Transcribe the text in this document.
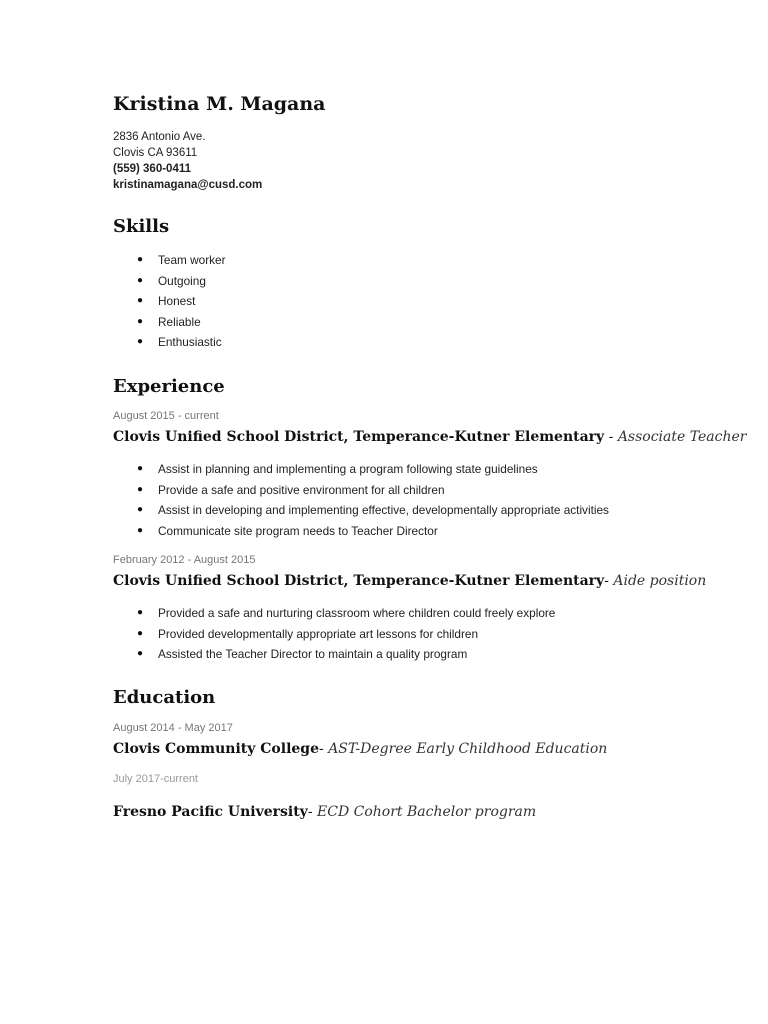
Kristina M. Magana
2836 Antonio Ave.
Clovis CA 93611
(559) 360-0411
kristinamagana@cusd.com
Skills
● Team worker
● Outgoing
● Honest
● Reliable
● Enthusiastic
Experience
August 2015 - current
Clovis Unified School District, Temperance-Kutner Elementary - Associate Teacher
● Assist in planning and implementing a program following state guidelines
● Provide a safe and positive environment for all children
● Assist in developing and implementing effective, developmentally appropriate activities
● Communicate site program needs to Teacher Director
February 2012 - August 2015
Clovis Unified School District, Temperance-Kutner Elementary- Aide position
● Provided a safe and nurturing classroom where children could freely explore
● Provided developmentally appropriate art lessons for children
● Assisted the Teacher Director to maintain a quality program
Education
August 2014 - May 2017
Clovis Community College- AST-Degree Early Childhood Education
July 2017-current
Fresno Pacific University- ECD Cohort Bachelor program
